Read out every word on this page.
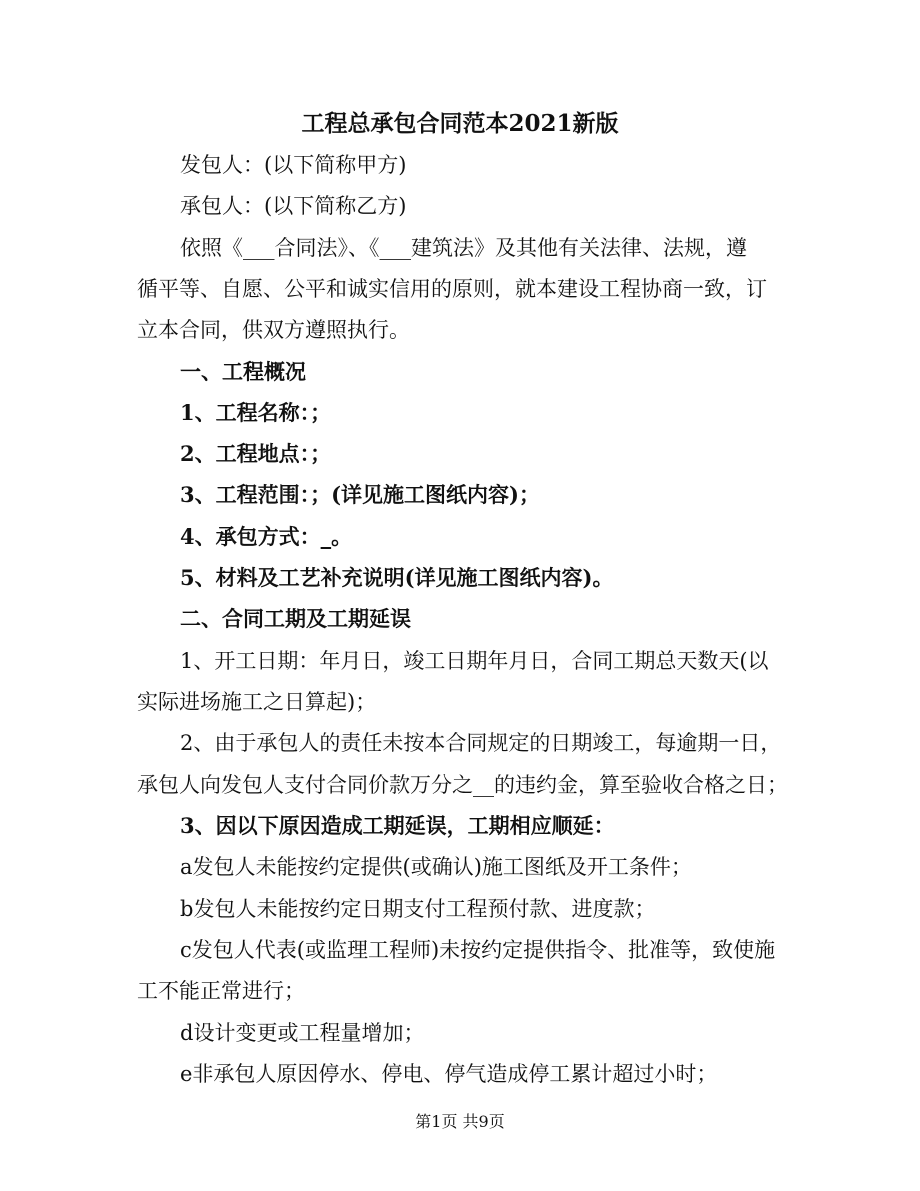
工程总承包合同范本2021新版
发包人：(以下简称甲方)
承包人：(以下简称乙方)
依照《___合同法》、《___建筑法》及其他有关法律、法规，遵
循平等、自愿、公平和诚实信用的原则，就本建设工程协商一致，订
立本合同，供双方遵照执行。
一、工程概况
1、工程名称：；
2、工程地点：；
3、工程范围：；(详见施工图纸内容)；
4、承包方式：_。
5、材料及工艺补充说明(详见施工图纸内容)。
二、合同工期及工期延误
1、开工日期：年月日，竣工日期年月日，合同工期总天数天(以
实际进场施工之日算起)；
2、由于承包人的责任未按本合同规定的日期竣工，每逾期一日，
承包人向发包人支付合同价款万分之__的违约金，算至验收合格之日；
3、因以下原因造成工期延误，工期相应顺延：
a发包人未能按约定提供(或确认)施工图纸及开工条件；
b发包人未能按约定日期支付工程预付款、进度款；
c发包人代表(或监理工程师)未按约定提供指令、批准等，致使施
工不能正常进行；
d设计变更或工程量增加；
e非承包人原因停水、停电、停气造成停工累计超过小时；
第1页 共9页
